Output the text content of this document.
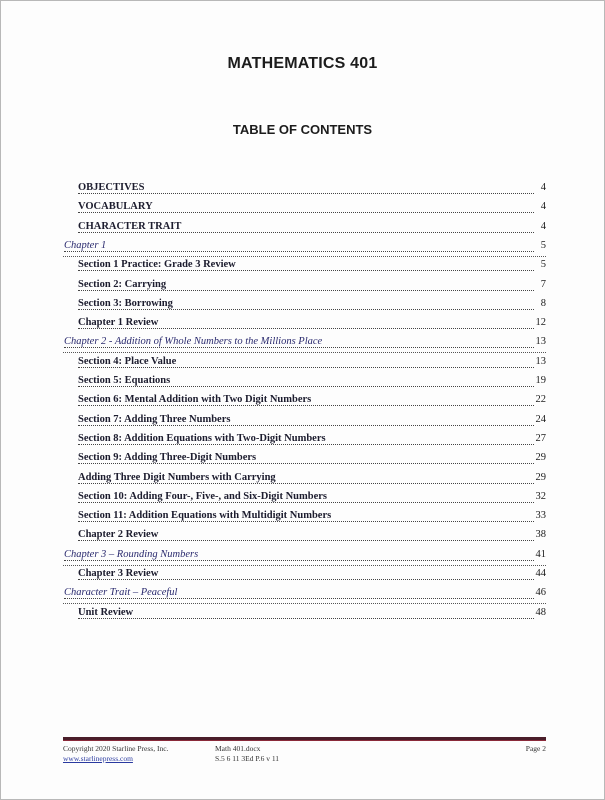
MATHEMATICS 401
TABLE OF CONTENTS
OBJECTIVES	4
VOCABULARY	4
CHARACTER TRAIT	4
Chapter 1	5
Section 1 Practice: Grade 3 Review	5
Section 2: Carrying	7
Section 3: Borrowing	8
Chapter 1 Review	12
Chapter 2 - Addition of Whole Numbers to the Millions Place	13
Section 4: Place Value	13
Section 5: Equations	19
Section 6: Mental Addition with Two Digit Numbers	22
Section 7: Adding Three Numbers	24
Section 8: Addition Equations with Two-Digit Numbers	27
Section 9: Adding Three-Digit Numbers	29
Adding Three Digit Numbers with Carrying	29
Section 10: Adding Four-, Five-, and Six-Digit Numbers	32
Section 11: Addition Equations with Multidigit Numbers	33
Chapter 2 Review	38
Chapter 3 – Rounding Numbers	41
Chapter 3 Review	44
Character Trait – Peaceful	46
Unit Review	48
Copyright 2020 Starline Press, Inc.
www.starlinepress.com
Math 401.docx
S.5 6 11 3Ed P.6 v 11
Page 2
